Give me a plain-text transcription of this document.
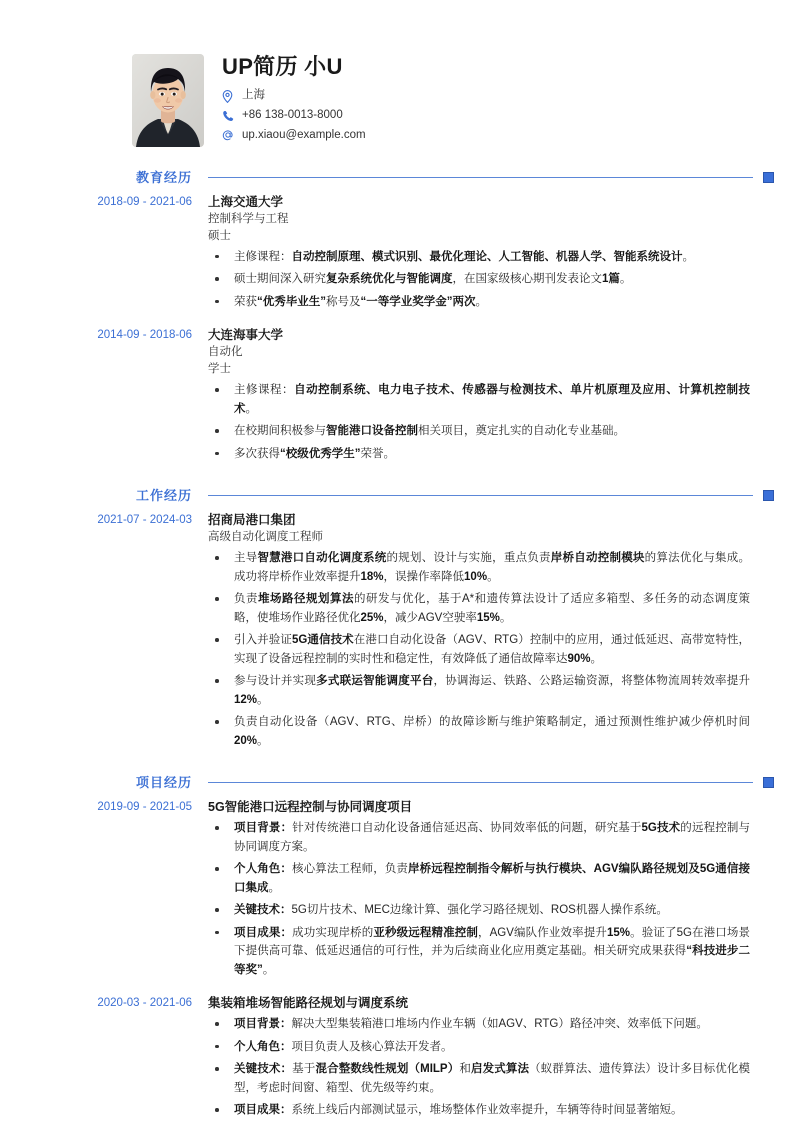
UP简历 小U
上海
+86 138-0013-8000
up.xiaou@example.com
教育经历
2018-09 - 2021-06	上海交通大学
控制科学与工程
硕士
主修课程：自动控制原理、模式识别、最优化理论、人工智能、机器人学、智能系统设计。
硕士期间深入研究复杂系统优化与智能调度，在国家级核心期刊发表论文1篇。
荣获“优秀毕业生”称号及“一等学业奖学金”两次。
2014-09 - 2018-06	大连海事大学
自动化
学士
主修课程：自动控制系统、电力电子技术、传感器与检测技术、单片机原理及应用、计算机控制技术。
在校期间积极参与智能港口设备控制相关项目，奠定扎实的自动化专业基础。
多次获得“校级优秀学生”荣誉。
工作经历
2021-07 - 2024-03	招商局港口集团
高级自动化调度工程师
主导智慧港口自动化调度系统的规划、设计与实施，重点负责岸桥自动控制模块的算法优化与集成。成功将岸桥作业效率提升18%，误操作率降低10%。
负责堆场路径规划算法的研发与优化，基于A*和遗传算法设计了适应多箱型、多任务的动态调度策略，使堆场作业路径优化25%，减少AGV空驶率15%。
引入并验证5G通信技术在港口自动化设备（AGV、RTG）控制中的应用，通过低延迟、高带宽特性，实现了设备远程控制的实时性和稳定性，有效降低了通信故障率达90%。
参与设计并实现多式联运智能调度平台，协调海运、铁路、公路运输资源，将整体物流周转效率提升12%。
负责自动化设备（AGV、RTG、岸桥）的故障诊断与维护策略制定，通过预测性维护减少停机时间20%。
项目经历
2019-09 - 2021-05	5G智能港口远程控制与协同调度项目
项目背景：针对传统港口自动化设备通信延迟高、协同效率低的问题，研究基于5G技术的远程控制与协同调度方案。
个人角色：核心算法工程师，负责岸桥远程控制指令解析与执行模块、AGV编队路径规划及5G通信接口集成。
关键技术：5G切片技术、MEC边缘计算、强化学习路径规划、ROS机器人操作系统。
项目成果：成功实现岸桥的亚秒级远程精准控制，AGV编队作业效率提升15%。验证了5G在港口场景下提供高可靠、低延迟通信的可行性，并为后续商业化应用奠定基础。相关研究成果获得“科技进步二等奖”。
2020-03 - 2021-06	集装箱堆场智能路径规划与调度系统
项目背景：解决大型集装箱港口堆场内作业车辆（如AGV、RTG）路径冲突、效率低下问题。
个人角色：项目负责人及核心算法开发者。
关键技术：基于混合整数线性规划（MILP）和启发式算法（蚁群算法、遗传算法）设计多目标优化模型，考虑时间窗、箱型、优先级等约束。
项目成果：系统上线后内部测试显示，堆场整体作业效率提升，车辆等待时间显著缩短。
